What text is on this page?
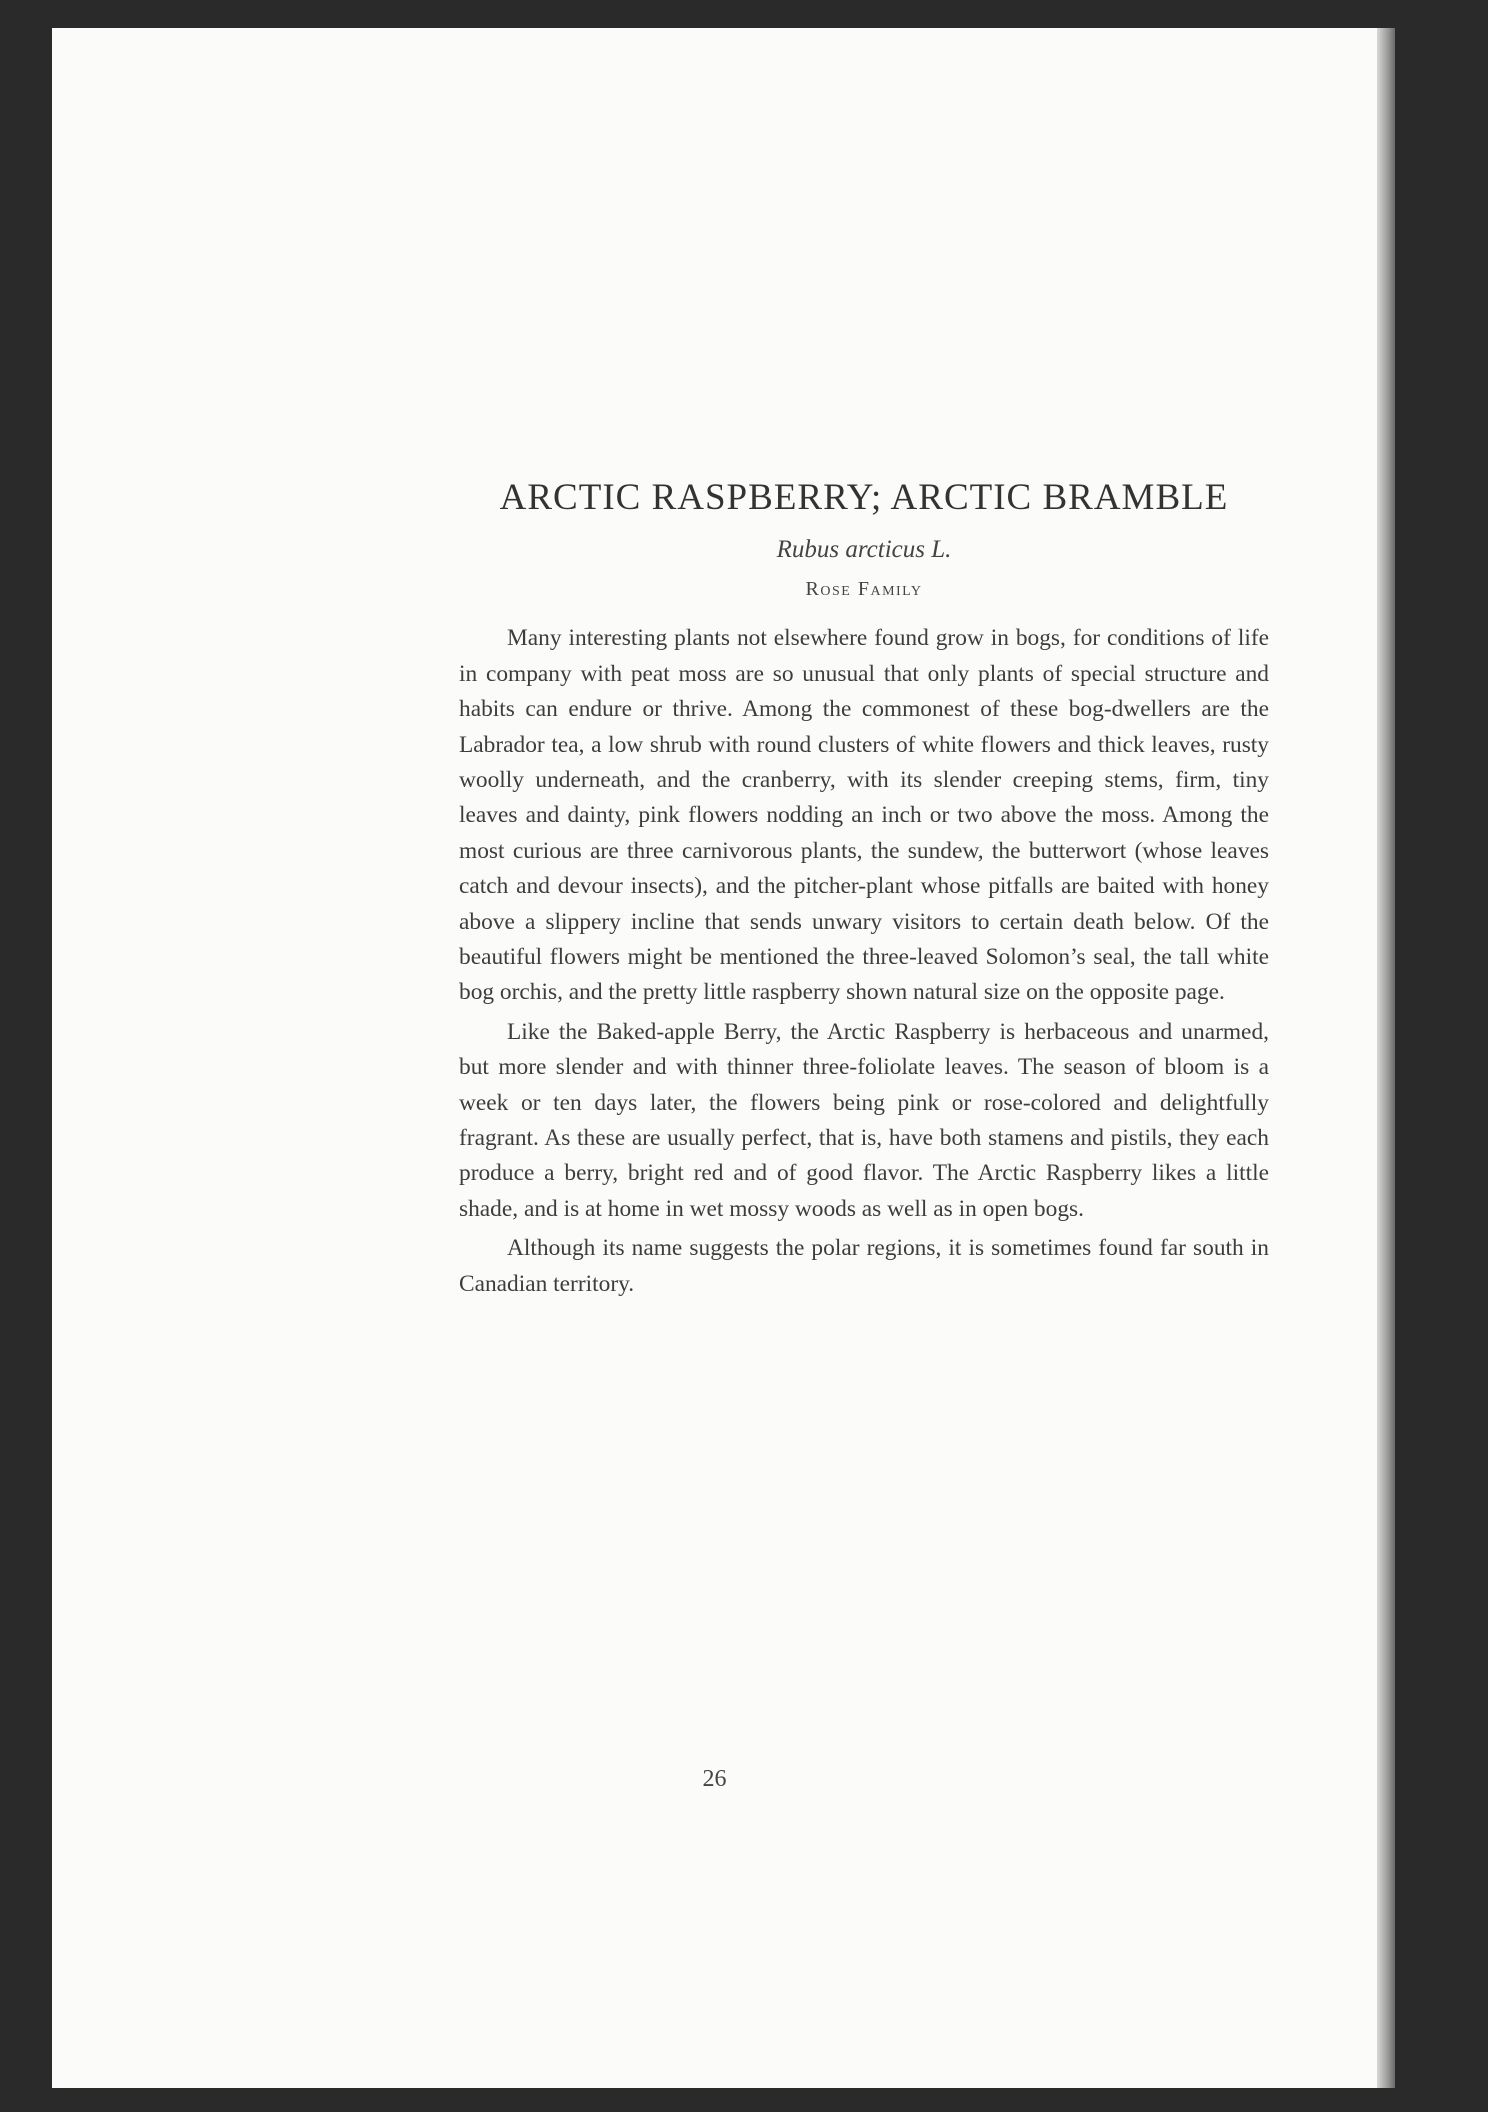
ARCTIC RASPBERRY; ARCTIC BRAMBLE

Rubus arcticus L.

Rose Family

Many interesting plants not elsewhere found grow in bogs, for conditions of life in company with peat moss are so unusual that only plants of special structure and habits can endure or thrive. Among the commonest of these bog-dwellers are the Labrador tea, a low shrub with round clusters of white flowers and thick leaves, rusty woolly underneath, and the cranberry, with its slender creeping stems, firm, tiny leaves and dainty, pink flowers nodding an inch or two above the moss. Among the most curious are three carnivorous plants, the sundew, the butterwort (whose leaves catch and devour insects), and the pitcher-plant whose pitfalls are baited with honey above a slippery incline that sends unwary visitors to certain death below. Of the beautiful flowers might be mentioned the three-leaved Solomon’s seal, the tall white bog orchis, and the pretty little raspberry shown natural size on the opposite page.

Like the Baked-apple Berry, the Arctic Raspberry is herbaceous and unarmed, but more slender and with thinner three-foliolate leaves. The season of bloom is a week or ten days later, the flowers being pink or rose-colored and delightfully fragrant. As these are usually perfect, that is, have both stamens and pistils, they each produce a berry, bright red and of good flavor. The Arctic Raspberry likes a little shade, and is at home in wet mossy woods as well as in open bogs.

Although its name suggests the polar regions, it is sometimes found far south in Canadian territory.

26
